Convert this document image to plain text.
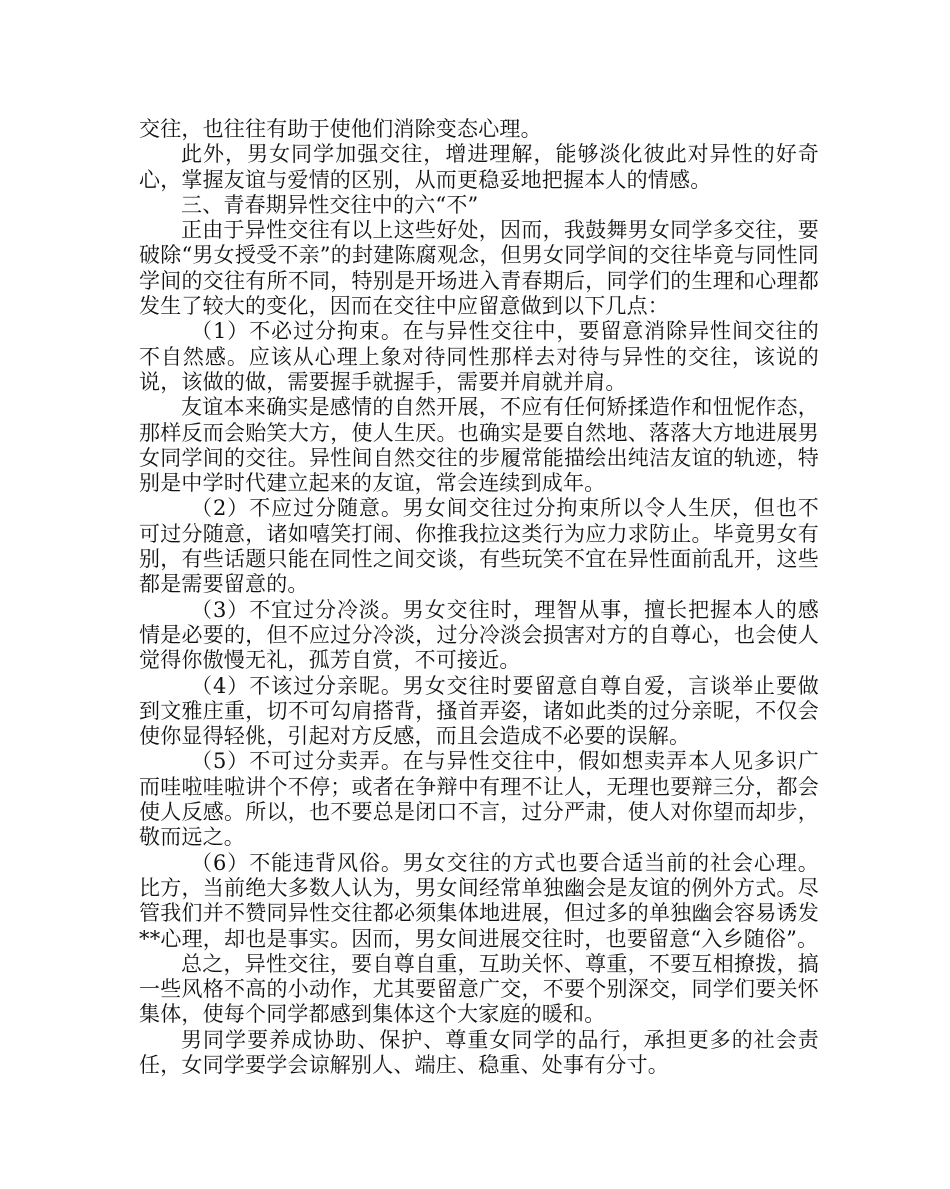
交往，也往往有助于使他们消除变态心理。

此外，男女同学加强交往，增进理解，能够淡化彼此对异性的好奇心，掌握友谊与爱情的区别，从而更稳妥地把握本人的情感。

三、青春期异性交往中的六“不”

正由于异性交往有以上这些好处，因而，我鼓舞男女同学多交往，要破除“男女授受不亲”的封建陈腐观念，但男女同学间的交往毕竟与同性同学间的交往有所不同，特别是开场进入青春期后，同学们的生理和心理都发生了较大的变化，因而在交往中应留意做到以下几点：

（1）不必过分拘束。在与异性交往中，要留意消除异性间交往的不自然感。应该从心理上象对待同性那样去对待与异性的交往，该说的说，该做的做，需要握手就握手，需要并肩就并肩。

友谊本来确实是感情的自然开展，不应有任何矫揉造作和忸怩作态，那样反而会贻笑大方，使人生厌。也确实是要自然地、落落大方地进展男女同学间的交往。异性间自然交往的步履常能描绘出纯洁友谊的轨迹，特别是中学时代建立起来的友谊，常会连续到成年。

（2）不应过分随意。男女间交往过分拘束所以令人生厌，但也不可过分随意，诸如嘻笑打闹、你推我拉这类行为应力求防止。毕竟男女有别，有些话题只能在同性之间交谈，有些玩笑不宜在异性面前乱开，这些都是需要留意的。

（3）不宜过分冷淡。男女交往时，理智从事，擅长把握本人的感情是必要的，但不应过分冷淡，过分冷淡会损害对方的自尊心，也会使人觉得你傲慢无礼，孤芳自赏，不可接近。

（4）不该过分亲昵。男女交往时要留意自尊自爱，言谈举止要做到文雅庄重，切不可勾肩搭背，搔首弄姿，诸如此类的过分亲昵，不仅会使你显得轻佻，引起对方反感，而且会造成不必要的误解。

（5）不可过分卖弄。在与异性交往中，假如想卖弄本人见多识广而哇啦哇啦讲个不停；或者在争辩中有理不让人，无理也要辩三分，都会使人反感。所以，也不要总是闭口不言，过分严肃，使人对你望而却步，敬而远之。

（6）不能违背风俗。男女交往的方式也要合适当前的社会心理。比方，当前绝大多数人认为，男女间经常单独幽会是友谊的例外方式。尽管我们并不赞同异性交往都必须集体地进展，但过多的单独幽会容易诱发**心理，却也是事实。因而，男女间进展交往时，也要留意“入乡随俗”。

总之，异性交往，要自尊自重，互助关怀、尊重，不要互相撩拨，搞一些风格不高的小动作，尤其要留意广交，不要个别深交，同学们要关怀集体，使每个同学都感到集体这个大家庭的暖和。

男同学要养成协助、保护、尊重女同学的品行，承担更多的社会责任，女同学要学会谅解别人、端庄、稳重、处事有分寸。
